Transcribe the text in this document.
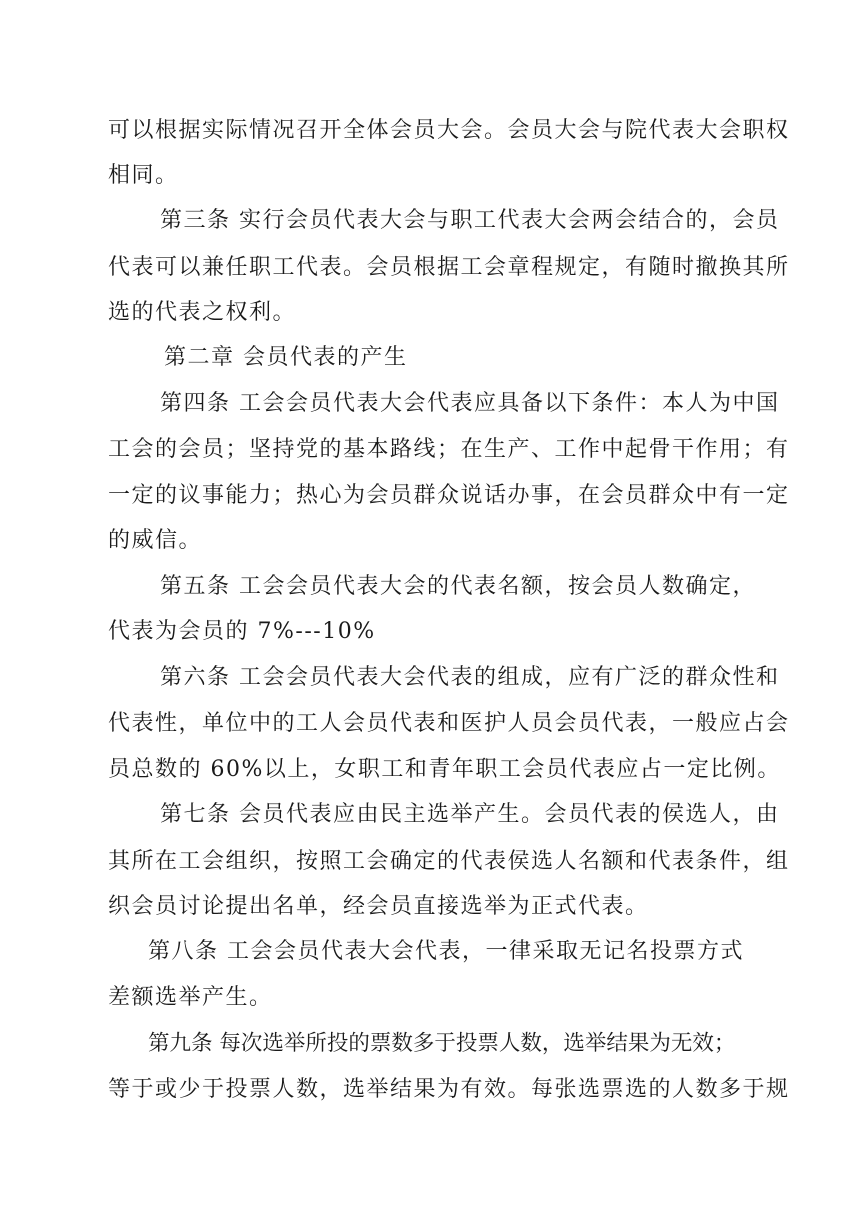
可以根据实际情况召开全体会员大会。会员大会与院代表大会职权
相同。
第三条 实行会员代表大会与职工代表大会两会结合的，会员
代表可以兼任职工代表。会员根据工会章程规定，有随时撤换其所
选的代表之权利。
第二章 会员代表的产生
第四条 工会会员代表大会代表应具备以下条件：本人为中国
工会的会员；坚持党的基本路线；在生产、工作中起骨干作用；有
一定的议事能力；热心为会员群众说话办事，在会员群众中有一定
的威信。
第五条 工会会员代表大会的代表名额，按会员人数确定，
代表为会员的 7%---10%
第六条 工会会员代表大会代表的组成，应有广泛的群众性和
代表性，单位中的工人会员代表和医护人员会员代表，一般应占会
员总数的 60%以上，女职工和青年职工会员代表应占一定比例。
第七条 会员代表应由民主选举产生。会员代表的侯选人，由
其所在工会组织，按照工会确定的代表侯选人名额和代表条件，组
织会员讨论提出名单，经会员直接选举为正式代表。
第八条 工会会员代表大会代表，一律采取无记名投票方式
差额选举产生。
第九条 每次选举所投的票数多于投票人数，选举结果为无效；
等于或少于投票人数，选举结果为有效。每张选票选的人数多于规
